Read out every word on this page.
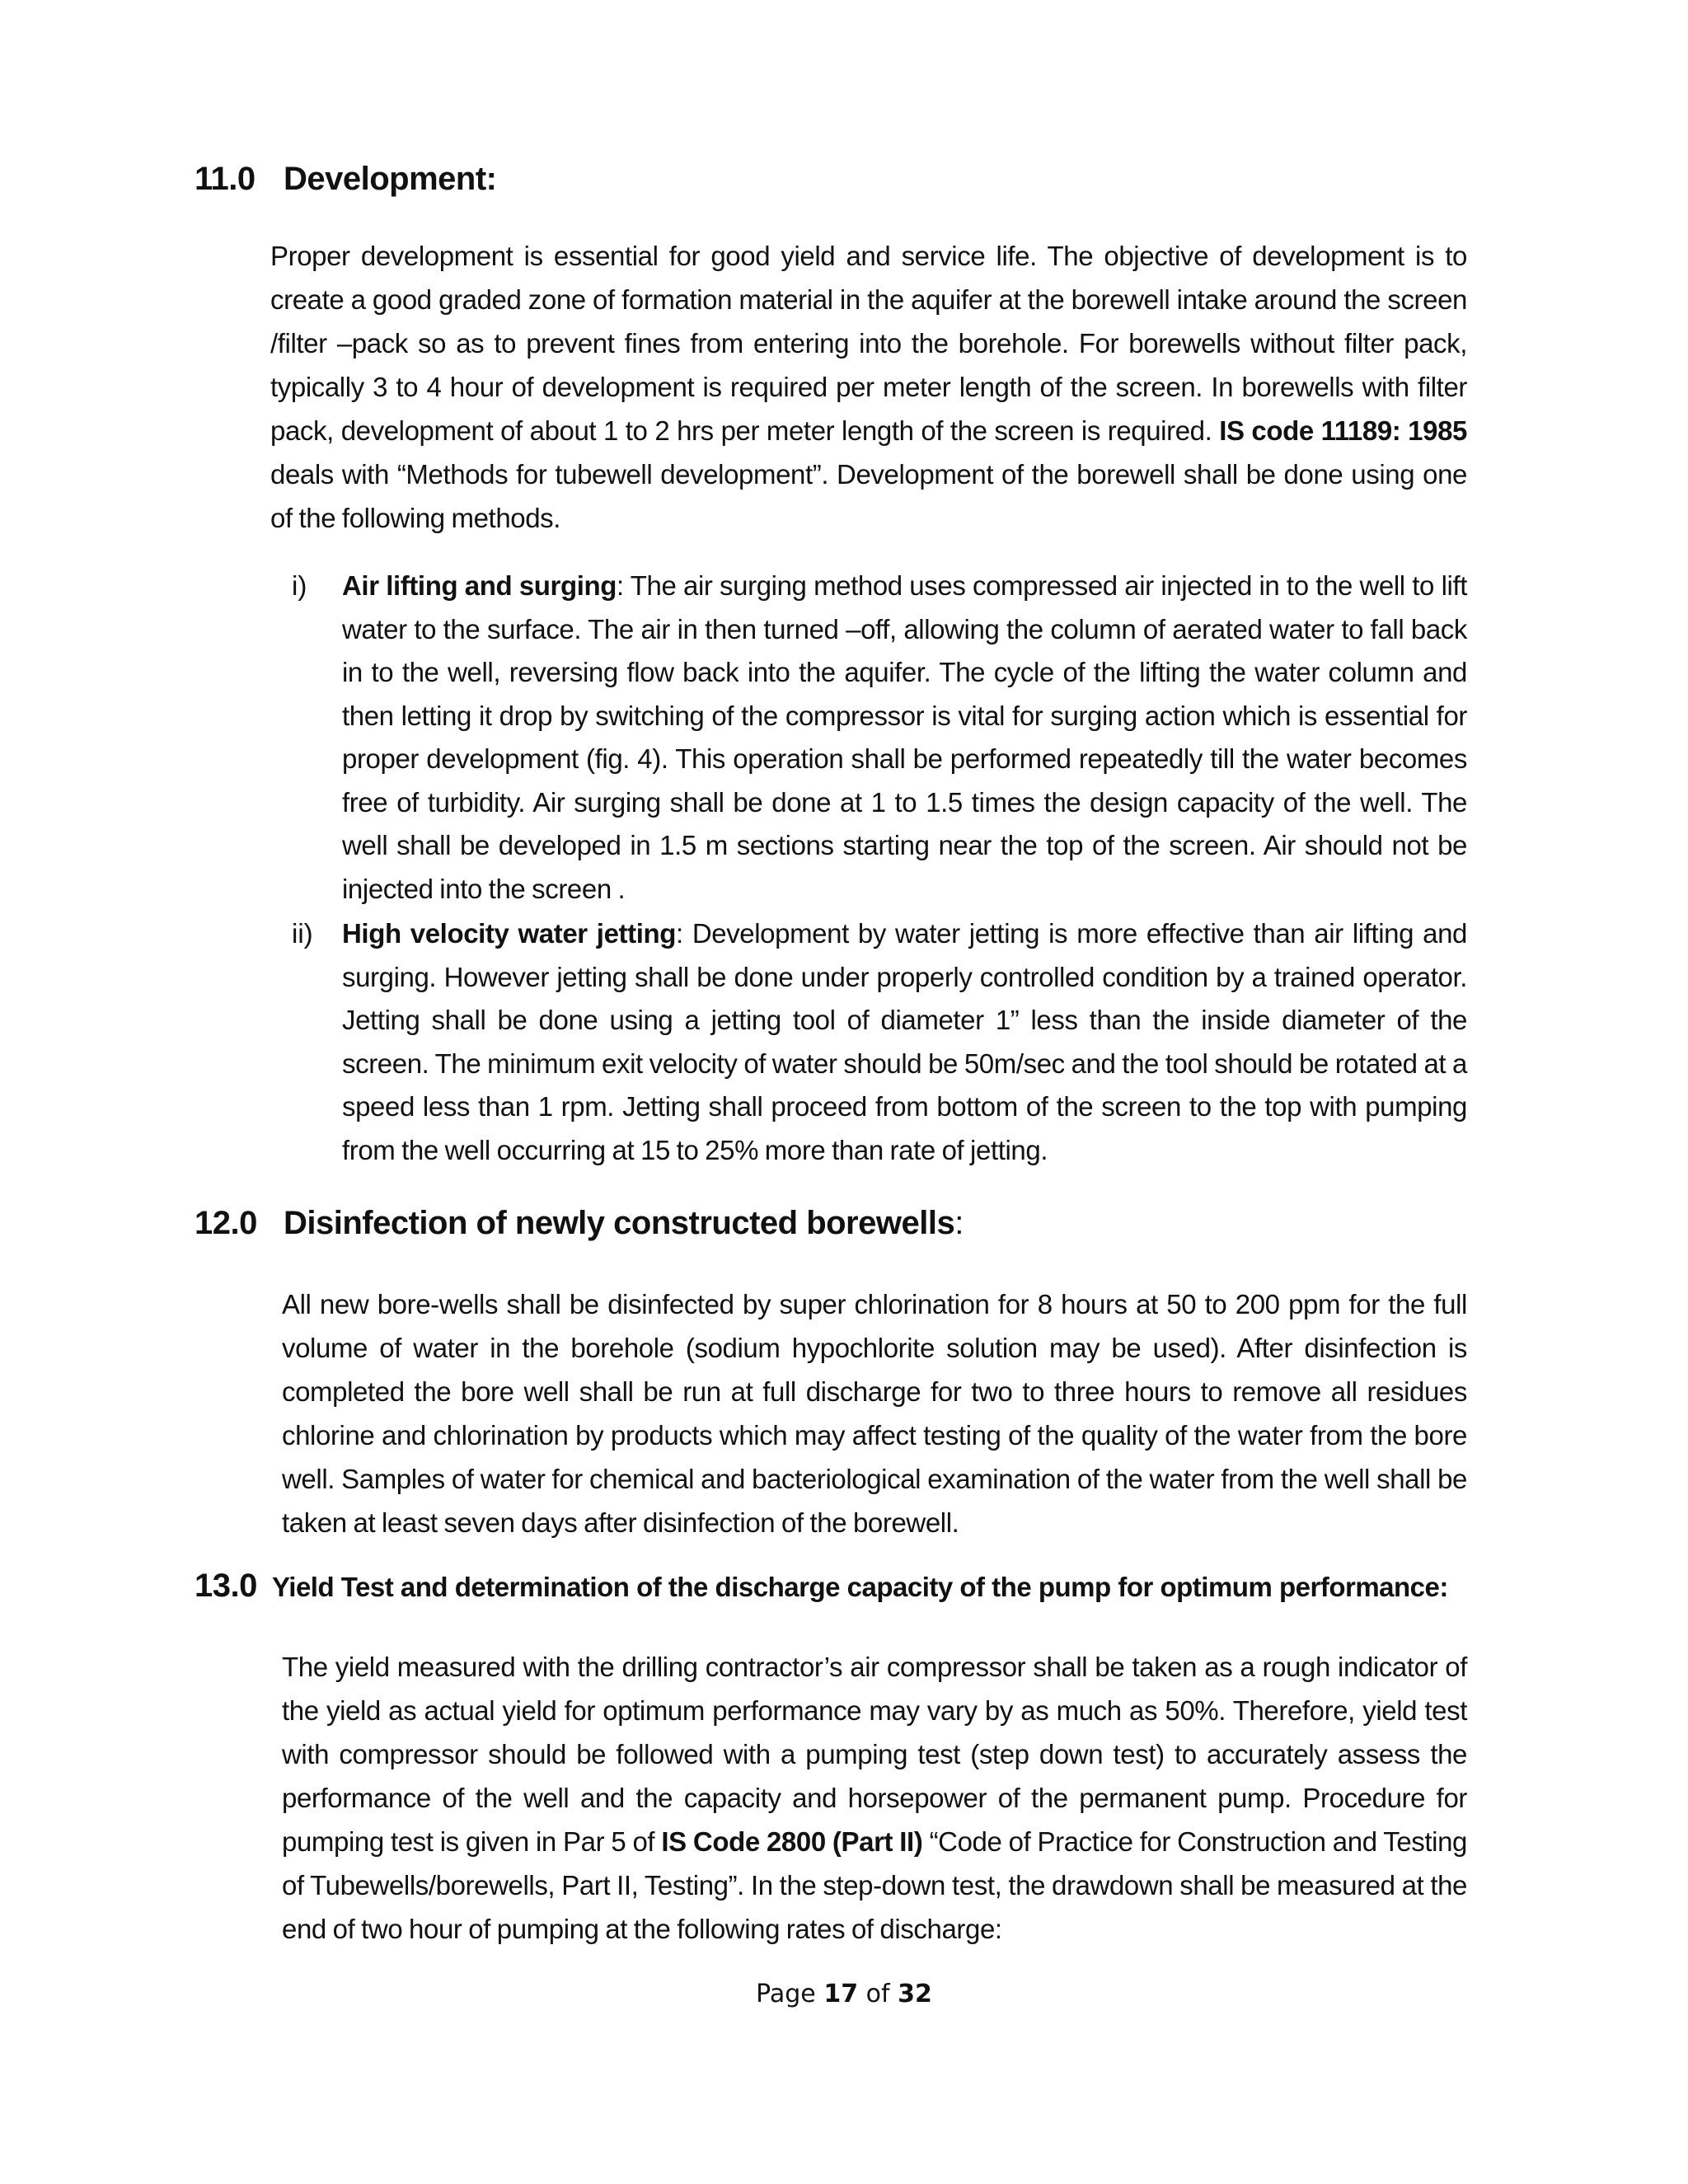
11.0 Development:
Proper development is essential for good yield and service life. The objective of development is to create a good graded zone of formation material in the aquifer at the borewell intake around the screen /filter –pack so as to prevent fines from entering into the borehole. For borewells without filter pack, typically 3 to 4 hour of development is required per meter length of the screen. In borewells with filter pack, development of about 1 to 2 hrs per meter length of the screen is required. IS code 11189: 1985 deals with “Methods for tubewell development”. Development of the borewell shall be done using one of the following methods.
i) Air lifting and surging: The air surging method uses compressed air injected in to the well to lift water to the surface. The air in then turned –off, allowing the column of aerated water to fall back in to the well, reversing flow back into the aquifer. The cycle of the lifting the water column and then letting it drop by switching of the compressor is vital for surging action which is essential for proper development (fig. 4). This operation shall be performed repeatedly till the water becomes free of turbidity. Air surging shall be done at 1 to 1.5 times the design capacity of the well. The well shall be developed in 1.5 m sections starting near the top of the screen. Air should not be injected into the screen .
ii) High velocity water jetting: Development by water jetting is more effective than air lifting and surging. However jetting shall be done under properly controlled condition by a trained operator. Jetting shall be done using a jetting tool of diameter 1” less than the inside diameter of the screen. The minimum exit velocity of water should be 50m/sec and the tool should be rotated at a speed less than 1 rpm. Jetting shall proceed from bottom of the screen to the top with pumping from the well occurring at 15 to 25% more than rate of jetting.
12.0 Disinfection of newly constructed borewells:
All new bore-wells shall be disinfected by super chlorination for 8 hours at 50 to 200 ppm for the full volume of water in the borehole (sodium hypochlorite solution may be used). After disinfection is completed the bore well shall be run at full discharge for two to three hours to remove all residues chlorine and chlorination by products which may affect testing of the quality of the water from the bore well. Samples of water for chemical and bacteriological examination of the water from the well shall be taken at least seven days after disinfection of the borewell.
13.0 Yield Test and determination of the discharge capacity of the pump for optimum performance:
The yield measured with the drilling contractor’s air compressor shall be taken as a rough indicator of the yield as actual yield for optimum performance may vary by as much as 50%. Therefore, yield test with compressor should be followed with a pumping test (step down test) to accurately assess the performance of the well and the capacity and horsepower of the permanent pump. Procedure for pumping test is given in Par 5 of IS Code 2800 (Part II) “Code of Practice for Construction and Testing of Tubewells/borewells, Part II, Testing”. In the step-down test, the drawdown shall be measured at the end of two hour of pumping at the following rates of discharge:
Page 17 of 32
